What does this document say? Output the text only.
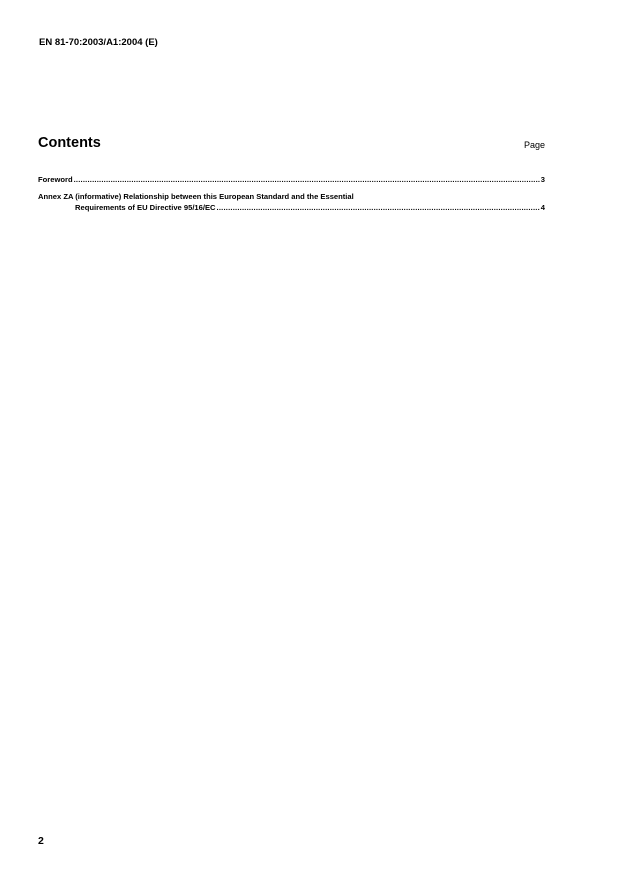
EN 81-70:2003/A1:2004 (E)
Contents	Page
Foreword .....	3
Annex ZA (informative) Relationship between this European Standard and the Essential
Requirements of EU Directive 95/16/EC .....	4
2
